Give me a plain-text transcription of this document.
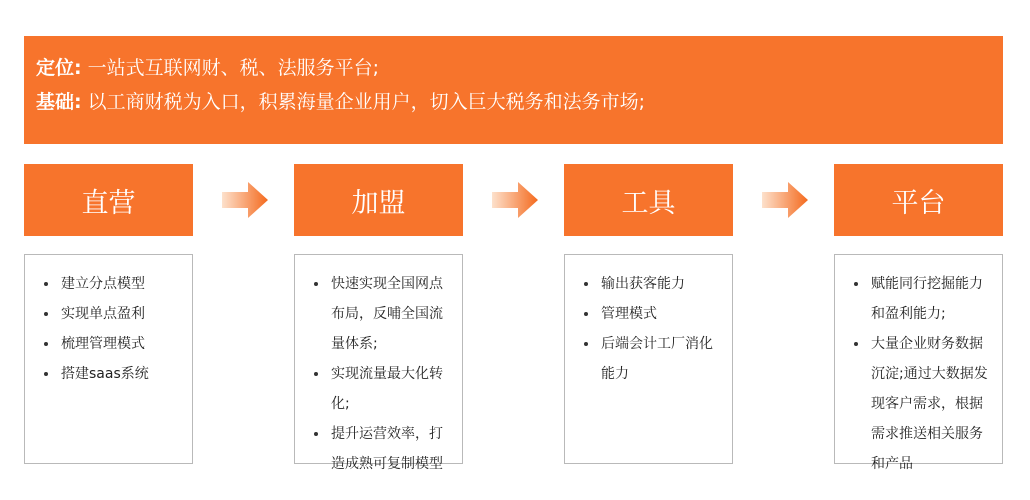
定位: 一站式互联网财、税、法服务平台;
基础: 以工商财税为入口，积累海量企业用户，切入巨大税务和法务市场;
直营	加盟	工具	平台
建立分点模型
实现单点盈利
梳理管理模式
搭建saas系统
快速实现全国网点布局，反哺全国流量体系;
实现流量最大化转化;
提升运营效率，打造成熟可复制模型
输出获客能力
管理模式
后端会计工厂消化能力
赋能同行挖掘能力和盈利能力;
大量企业财务数据沉淀;通过大数据发现客户需求，根据需求推送相关服务和产品
